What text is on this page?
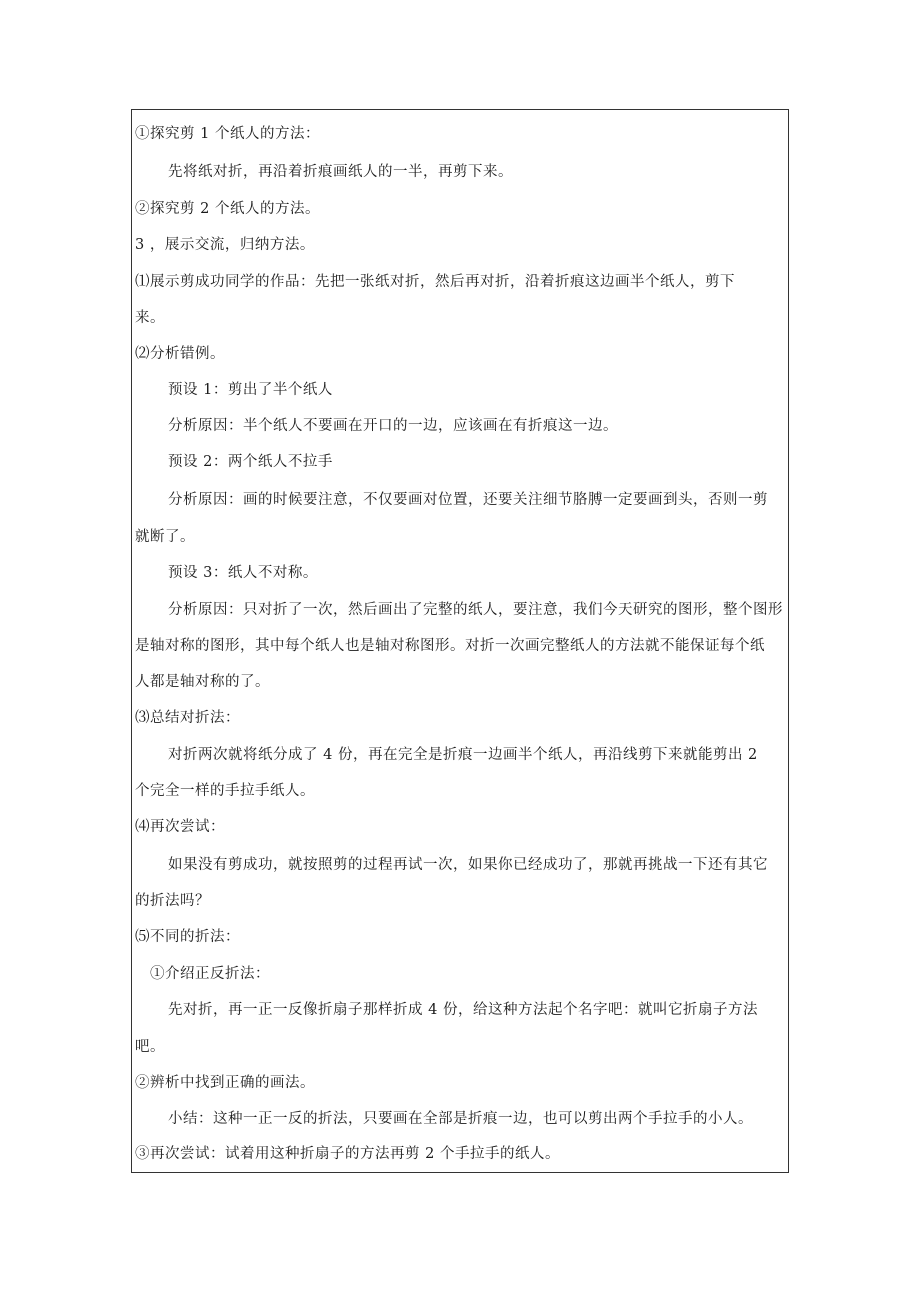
①探究剪 1 个纸人的方法：
先将纸对折，再沿着折痕画纸人的一半，再剪下来。
②探究剪 2 个纸人的方法。
3 ，展示交流，归纳方法。
⑴展示剪成功同学的作品：先把一张纸对折，然后再对折，沿着折痕这边画半个纸人，剪下
来。
⑵分析错例。
预设 1：剪出了半个纸人
分析原因：半个纸人不要画在开口的一边，应该画在有折痕这一边。
预设 2：两个纸人不拉手
分析原因：画的时候要注意，不仅要画对位置，还要关注细节胳膊一定要画到头，否则一剪
就断了。
预设 3：纸人不对称。
分析原因：只对折了一次，然后画出了完整的纸人，要注意，我们今天研究的图形，整个图形
是轴对称的图形，其中每个纸人也是轴对称图形。对折一次画完整纸人的方法就不能保证每个纸
人都是轴对称的了。
⑶总结对折法：
对折两次就将纸分成了 4 份，再在完全是折痕一边画半个纸人，再沿线剪下来就能剪出 2
个完全一样的手拉手纸人。
⑷再次尝试：
如果没有剪成功，就按照剪的过程再试一次，如果你已经成功了，那就再挑战一下还有其它
的折法吗？
⑸不同的折法：
①介绍正反折法：
先对折，再一正一反像折扇子那样折成 4 份，给这种方法起个名字吧：就叫它折扇子方法
吧。
②辨析中找到正确的画法。
小结：这种一正一反的折法，只要画在全部是折痕一边，也可以剪出两个手拉手的小人。
③再次尝试：试着用这种折扇子的方法再剪 2 个手拉手的纸人。
